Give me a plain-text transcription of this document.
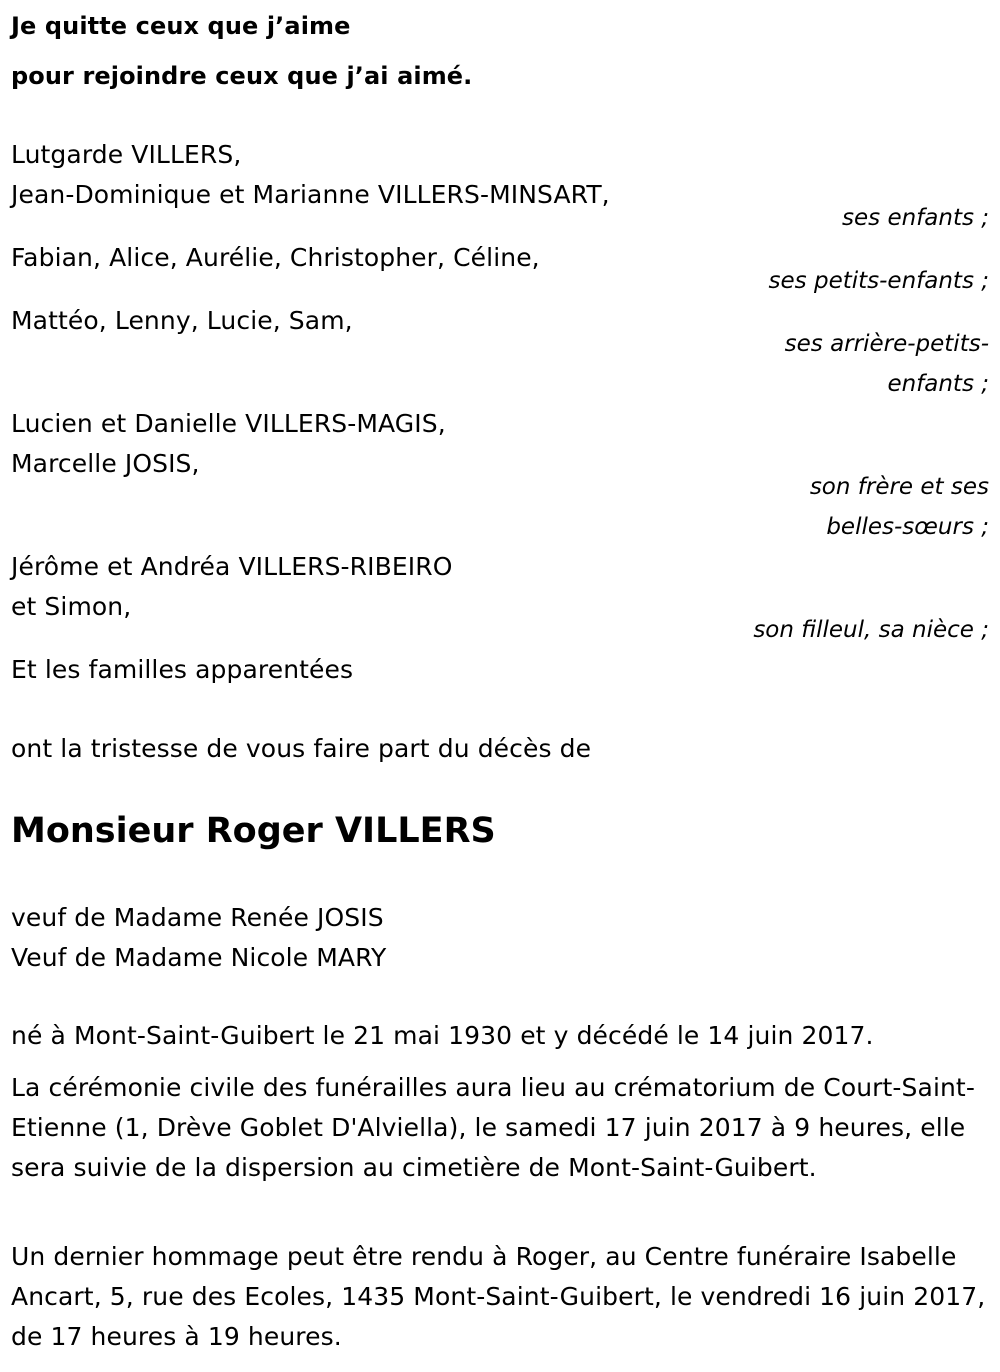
Je quitte ceux que j’aime
pour rejoindre ceux que j’ai aimé.
Lutgarde VILLERS,
Jean-Dominique et Marianne VILLERS-MINSART,
ses enfants ;
Fabian, Alice, Aurélie, Christopher, Céline,
ses petits-enfants ;
Mattéo, Lenny, Lucie, Sam,
ses arrière-petits-
enfants ;
Lucien et Danielle VILLERS-MAGIS,
Marcelle JOSIS,
son frère et ses
belles-sœurs ;
Jérôme et Andréa VILLERS-RIBEIRO
et Simon,
son filleul, sa nièce ;
Et les familles apparentées
ont la tristesse de vous faire part du décès de
Monsieur Roger VILLERS
veuf de Madame Renée JOSIS
Veuf de Madame Nicole MARY
né à Mont-Saint-Guibert le 21 mai 1930 et y décédé le 14 juin 2017.
La cérémonie civile des funérailles aura lieu au crématorium de Court-Saint-Etienne (1, Drève Goblet D'Alviella), le samedi 17 juin 2017 à 9 heures, elle sera suivie de la dispersion au cimetière de Mont-Saint-Guibert.
Un dernier hommage peut être rendu à Roger, au Centre funéraire Isabelle Ancart, 5, rue des Ecoles, 1435 Mont-Saint-Guibert, le vendredi 16 juin 2017, de 17 heures à 19 heures.
